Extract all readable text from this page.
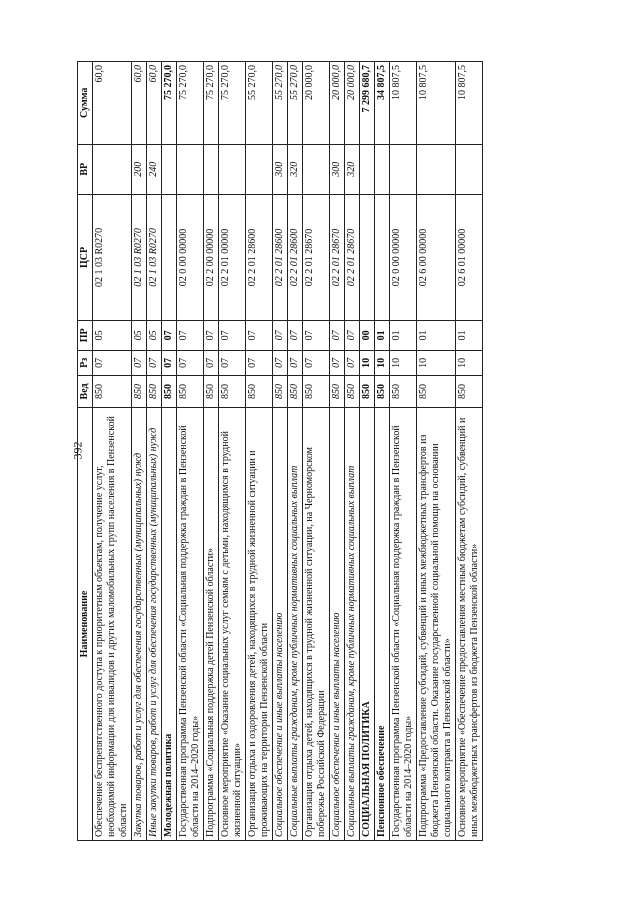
392
Наименование	Вед	Рз	ПР	ЦСР	ВР	Сумма
Обеспечение беспрепятственного доступа к приоритетным объектам, получение услуг, необходимой информации для инвалидов и других маломобильных групп населения в Пензенской области	850	07	05	02 1 03 R0270		60,0
Закупка товаров, работ и услуг для обеспечения государственных (муниципальных) нужд	850	07	05	02 1 03 R0270	200	60,0
Иные закупки товаров, работ и услуг для обеспечения государственных (муниципальных) нужд	850	07	05	02 1 03 R0270	240	60,0
Молодежная политика	850	07	07			75 270,0
Государственная программа Пензенской области «Социальная поддержка граждан в Пензенской области на 2014–2020 годы»	850	07	07	02 0 00 00000		75 270,0
Подпрограмма «Социальная поддержка детей Пензенской области»	850	07	07	02 2 00 00000		75 270,0
Основное мероприятие «Оказание социальных услуг семьям с детьми, находящимся в трудной жизненной ситуации»	850	07	07	02 2 01 00000		75 270,0
Организация отдыха и оздоровления детей, находящихся в трудной жизненной ситуации и проживающих на территории Пензенской области	850	07	07	02 2 01 28600		55 270,0
Социальное обеспечение и иные выплаты населению	850	07	07	02 2 01 28600	300	55 270,0
Социальные выплаты гражданам, кроме публичных нормативных социальных выплат	850	07	07	02 2 01 28600	320	55 270,0
Организация отдыха детей, находящихся в трудной жизненной ситуации, на Черноморском побережье Российской Федерации	850	07	07	02 2 01 28670		20 000,0
Социальное обеспечение и иные выплаты населению	850	07	07	02 2 01 28670	300	20 000,0
Социальные выплаты гражданам, кроме публичных нормативных социальных выплат	850	07	07	02 2 01 28670	320	20 000,0
СОЦИАЛЬНАЯ ПОЛИТИКА	850	10	00			7 299 680,7
Пенсионное обеспечение	850	10	01			34 807,5
Государственная программа Пензенской области «Социальная поддержка граждан в Пензенской области на 2014–2020 годы»	850	10	01	02 0 00 00000		10 807,5
Подпрограмма «Предоставление субсидий, субвенций и иных межбюджетных трансфертов из бюджета Пензенской области. Оказание государственной социальной помощи на основании социального контракта в Пензенской области»	850	10	01	02 6 00 00000		10 807,5
Основное мероприятие «Обеспечение предоставления местным бюджетам субсидий, субвенций и иных межбюджетных трансфертов из бюджета Пензенской области»	850	10	01	02 6 01 00000		10 807,5
